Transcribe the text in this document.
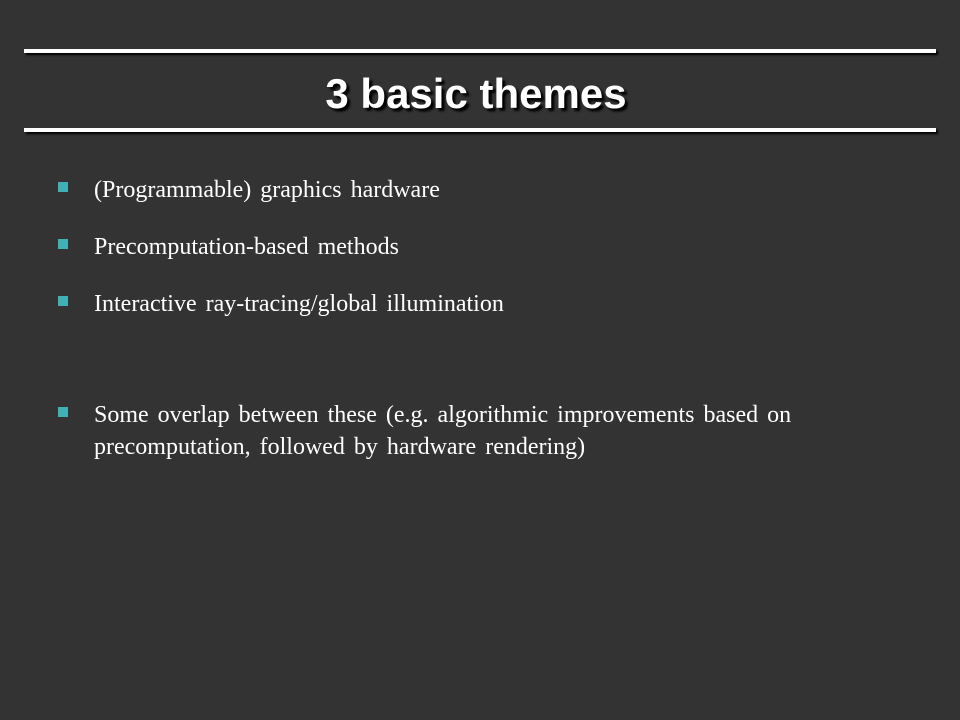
3 basic themes
(Programmable) graphics hardware
Precomputation-based methods
Interactive ray-tracing/global illumination
Some overlap between these (e.g. algorithmic improvements based on precomputation, followed by hardware rendering)
